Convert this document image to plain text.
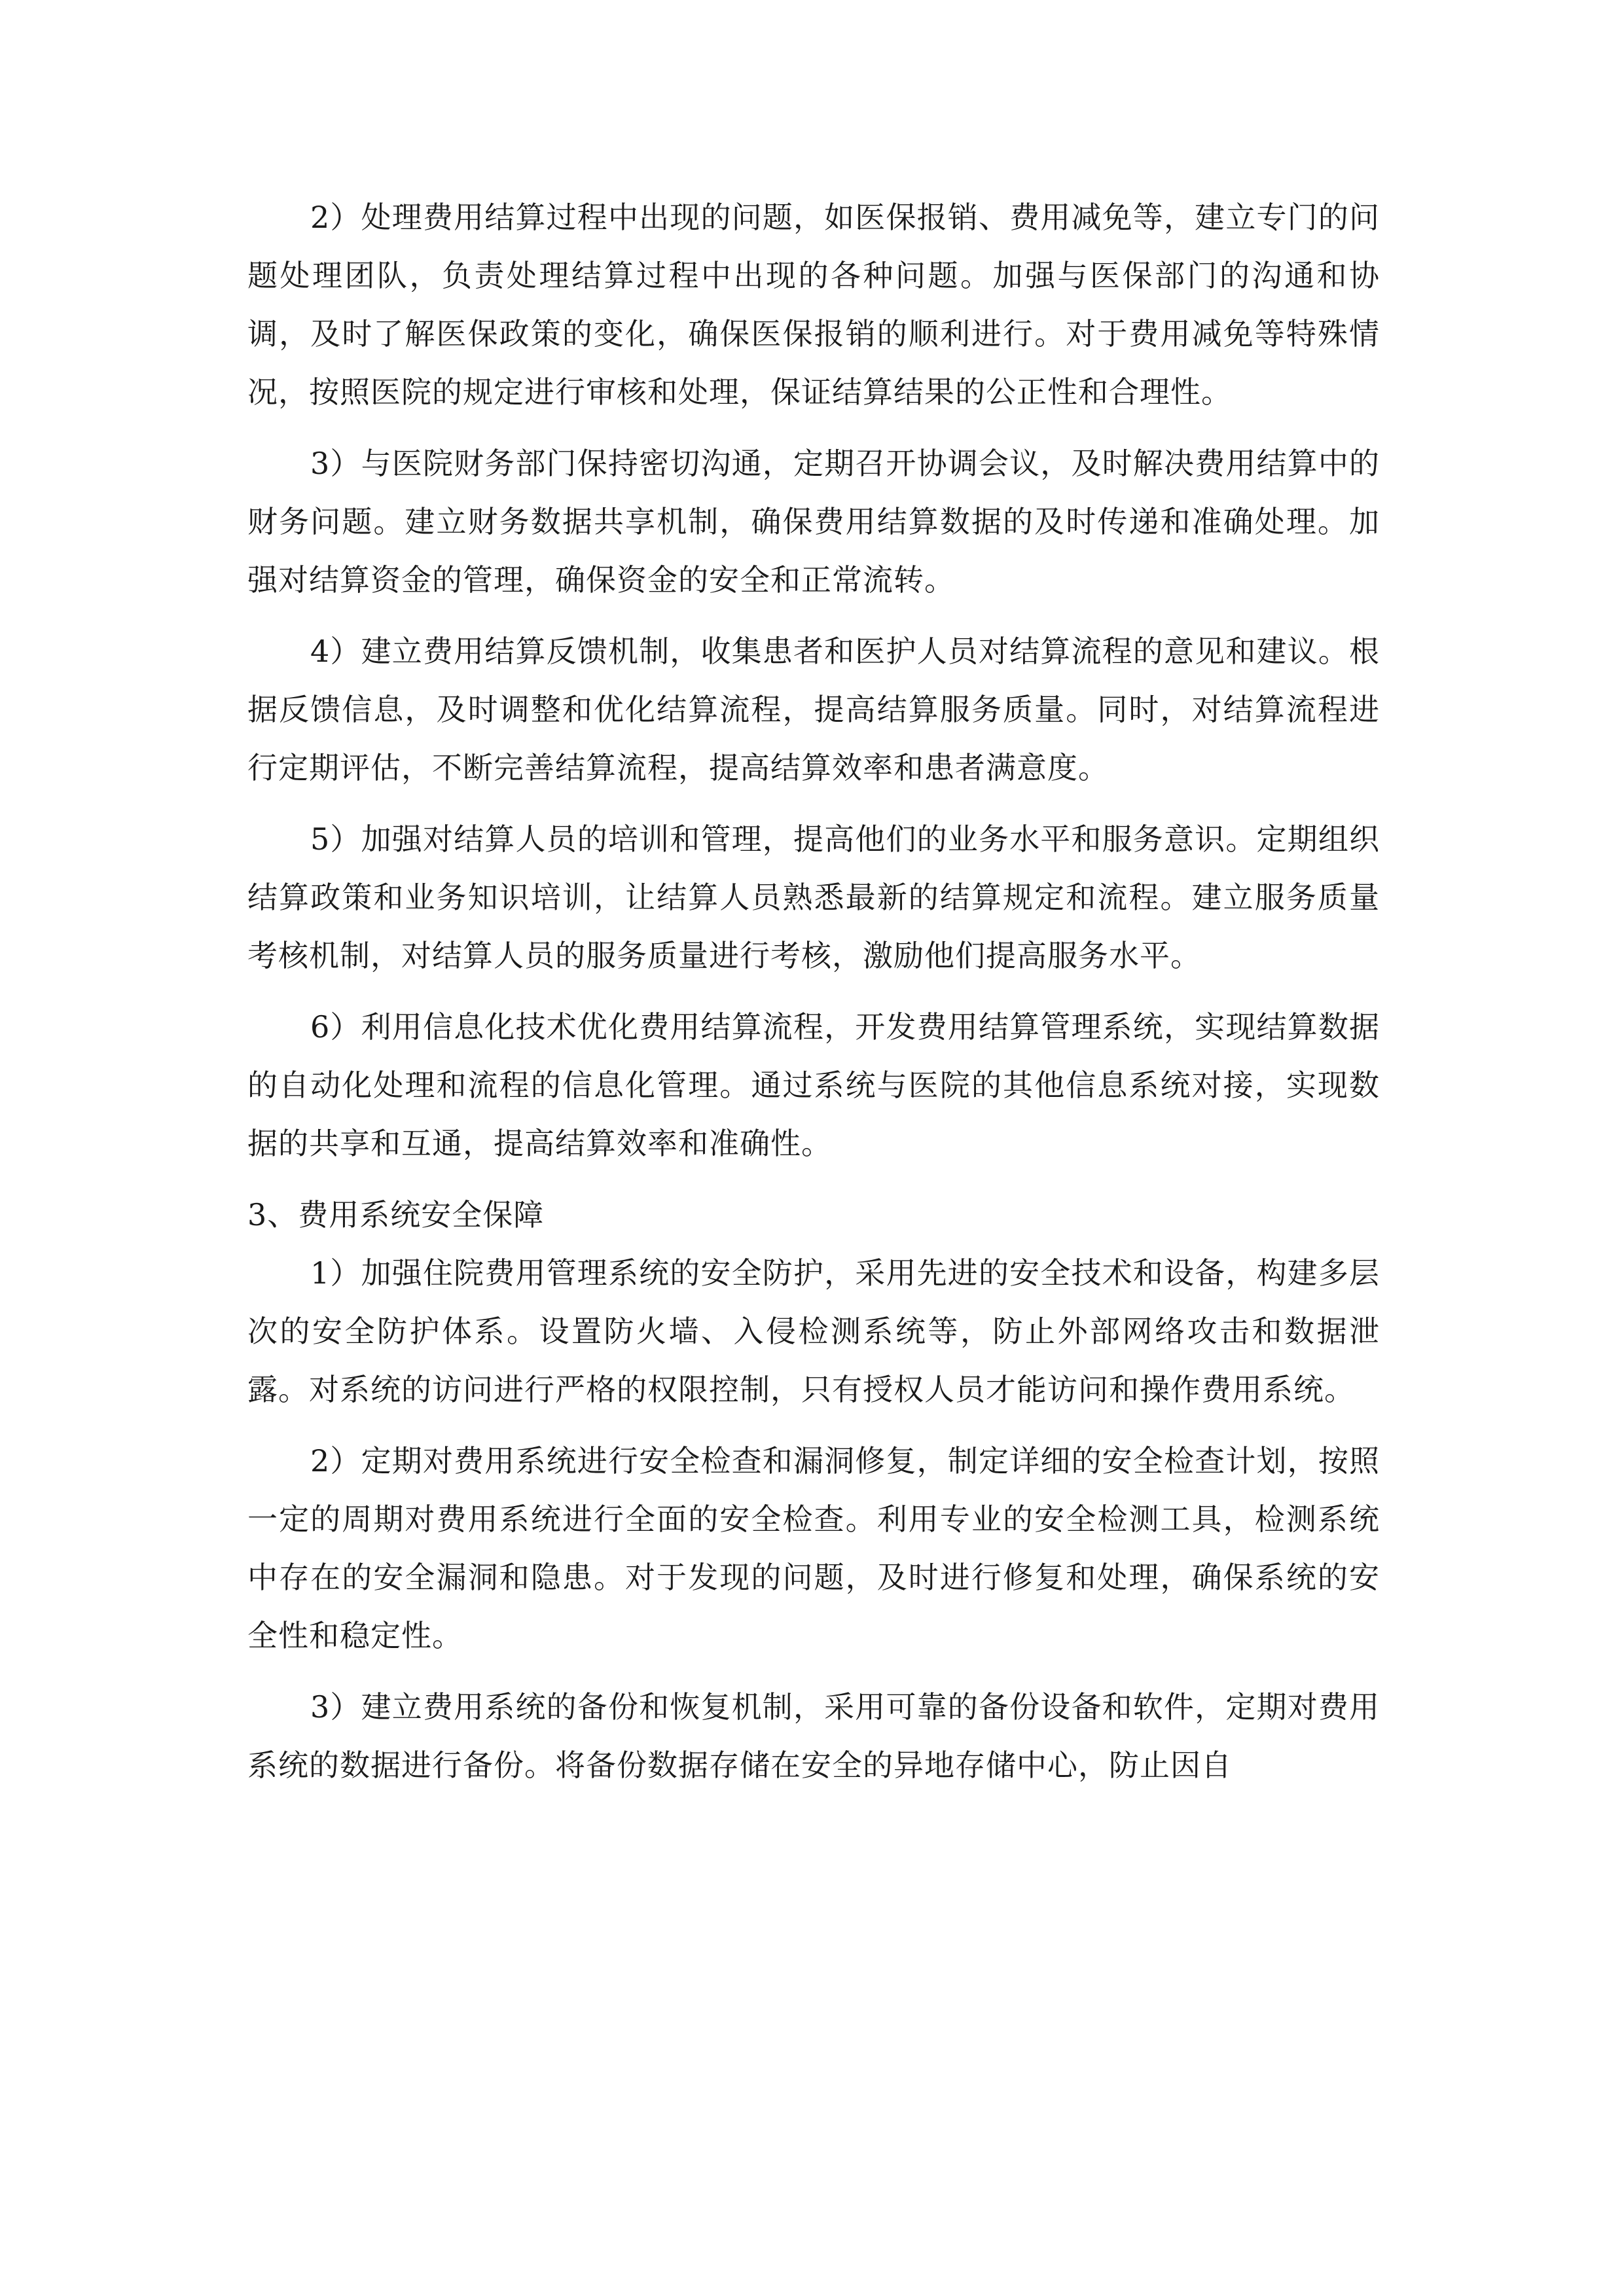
2）处理费用结算过程中出现的问题，如医保报销、费用减免等，建立专门的问题处理团队，负责处理结算过程中出现的各种问题。加强与医保部门的沟通和协调，及时了解医保政策的变化，确保医保报销的顺利进行。对于费用减免等特殊情况，按照医院的规定进行审核和处理，保证结算结果的公正性和合理性。

3）与医院财务部门保持密切沟通，定期召开协调会议，及时解决费用结算中的财务问题。建立财务数据共享机制，确保费用结算数据的及时传递和准确处理。加强对结算资金的管理，确保资金的安全和正常流转。

4）建立费用结算反馈机制，收集患者和医护人员对结算流程的意见和建议。根据反馈信息，及时调整和优化结算流程，提高结算服务质量。同时，对结算流程进行定期评估，不断完善结算流程，提高结算效率和患者满意度。

5）加强对结算人员的培训和管理，提高他们的业务水平和服务意识。定期组织结算政策和业务知识培训，让结算人员熟悉最新的结算规定和流程。建立服务质量考核机制，对结算人员的服务质量进行考核，激励他们提高服务水平。

6）利用信息化技术优化费用结算流程，开发费用结算管理系统，实现结算数据的自动化处理和流程的信息化管理。通过系统与医院的其他信息系统对接，实现数据的共享和互通，提高结算效率和准确性。

3、费用系统安全保障

1）加强住院费用管理系统的安全防护，采用先进的安全技术和设备，构建多层次的安全防护体系。设置防火墙、入侵检测系统等，防止外部网络攻击和数据泄露。对系统的访问进行严格的权限控制，只有授权人员才能访问和操作费用系统。

2）定期对费用系统进行安全检查和漏洞修复，制定详细的安全检查计划，按照一定的周期对费用系统进行全面的安全检查。利用专业的安全检测工具，检测系统中存在的安全漏洞和隐患。对于发现的问题，及时进行修复和处理，确保系统的安全性和稳定性。

3）建立费用系统的备份和恢复机制，采用可靠的备份设备和软件，定期对费用系统的数据进行备份。将备份数据存储在安全的异地存储中心，防止因自
